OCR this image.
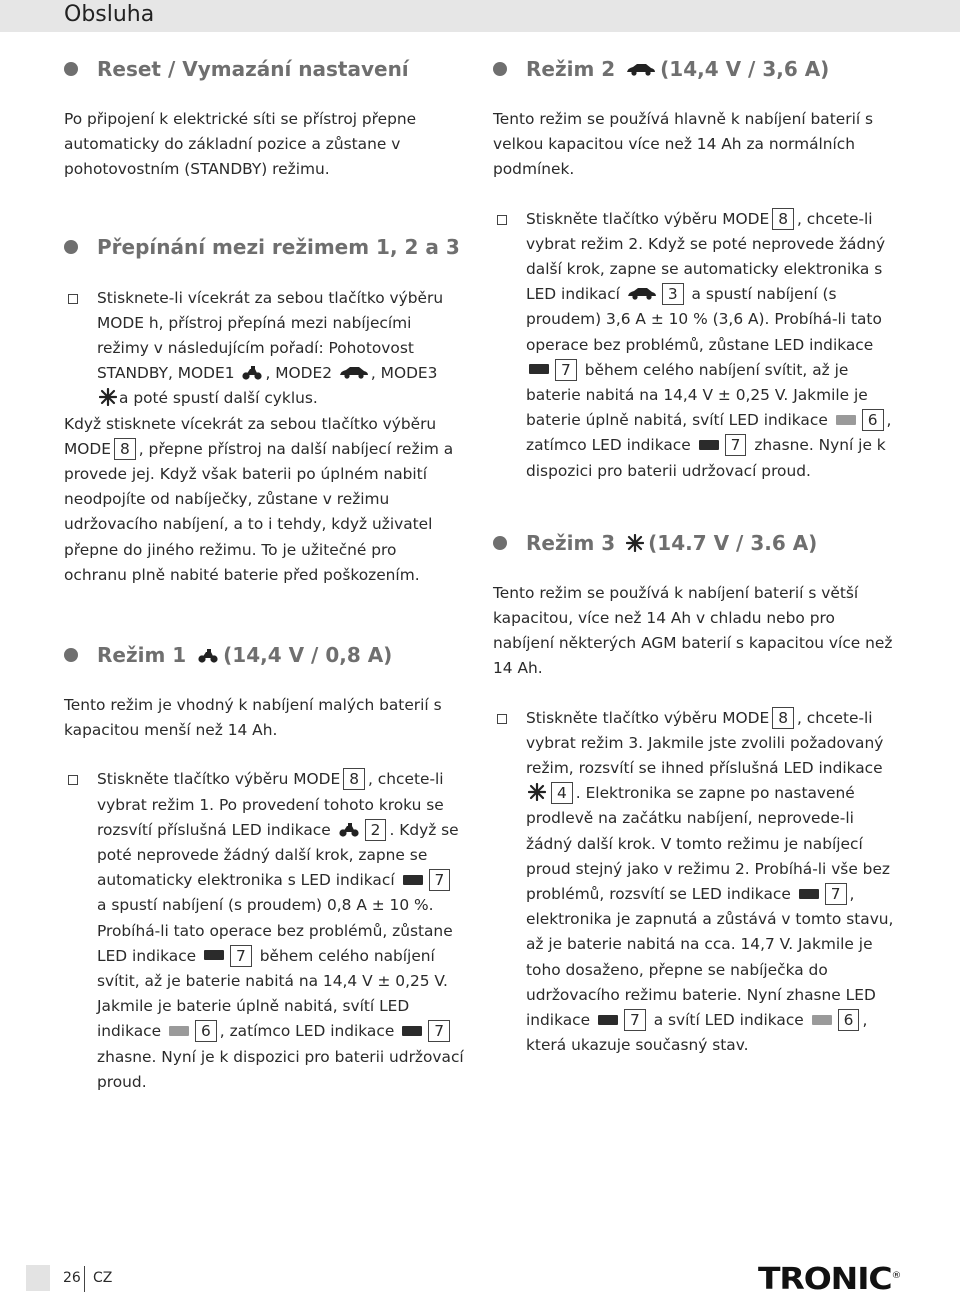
Obsluha
Reset / Vymazání nastavení

Po připojení k elektrické síti se přístroj přepne automaticky do základní pozice a zůstane v pohotovostním (STANDBY) režimu.

Přepínání mezi režimem 1, 2 a 3

Stisknete-li vícekrát za sebou tlačítko výběru MODE h, přístroj přepíná mezi nabíjecími režimy v následujícím pořadí: Pohotovost STANDBY, MODE1 , MODE2	, MODE3 a poté spustí další cyklus.

Když stisknete vícekrát za sebou tlačítko výběru MODE 8 , přepne přístroj na další nabíjecí režim a provede jej. Když však baterii po úplném nabití neodpojíte od nabíječky, zůstane v režimu udržovacího nabíjení, a to i tehdy, když uživatel přepne do jiného režimu. To je užitečné pro ochranu plně nabité baterie před poškozením.

Režim 1 (14,4 V / 0,8 A)

Tento režim je vhodný k nabíjení malých baterií s kapacitou menší než 14 Ah.

Stiskněte tlačítko výběru MODE 8 , chcete-li vybrat režim 1. Po provedení tohoto kroku se rozsvítí příslušná LED indikace	2 . Když se poté neprovede žádný další krok, zapne se automaticky elektronika s LED indikací	7 a spustí nabíjení (s proudem) 0,8 A ± 10 %. Probíhá-li tato operace bez problémů, zůstane LED indikace	7 během celého nabíjení svítit, až je baterie nabitá na 14,4 V ± 0,25 V. Jakmile je baterie úplně nabitá, svítí LED indikace	6 , zatímco LED indikace	7 zhasne. Nyní je k dispozici pro baterii udržovací proud.

Režim 2 (14,4 V / 3,6 A)

Tento režim se používá hlavně k nabíjení baterií s velkou kapacitou více než 14 Ah za normálních podmínek.

Stiskněte tlačítko výběru MODE 8 , chcete-li vybrat režim 2. Když se poté neprovede žádný další krok, zapne se automaticky elektronika s LED indikací	3 a spustí nabíjení (s proudem) 3,6 A ± 10 % (3,6 A). Probíhá-li tato operace bez problémů, zůstane LED indikace 7 během celého nabíjení svítit, až je baterie nabitá na 14,4 V ± 0,25 V. Jakmile je baterie úplně nabitá, svítí LED indikace	6 , zatímco LED indikace	7 zhasne. Nyní je k dispozici pro baterii udržovací proud.

Režim 3 (14.7 V / 3.6 A)

Tento režim se používá k nabíjení baterií s větší kapacitou, více než 14 Ah v chladu nebo pro nabíjení některých AGM baterií s kapacitou více než 14 Ah.

Stiskněte tlačítko výběru MODE 8 , chcete-li vybrat režim 3. Jakmile jste zvolili požadovaný režim, rozsvítí se ihned příslušná LED indikace 4 . Elektronika se zapne po nastavené prodlevě na začátku nabíjení, neprovede-li žádný další krok. V tomto režimu je nabíjecí proud stejný jako v režimu 2. Probíhá-li vše bez problémů, rozsvítí se LED indikace	7 , elektronika je zapnutá a zůstává v tomto stavu, až je baterie nabitá na cca. 14,7 V. Jakmile je toho dosaženo, přepne se nabíječka do udržovacího režimu baterie. Nyní zhasne LED indikace	7 a svítí LED indikace	6 , která ukazuje současný stav.

26 CZ	TRONIC®
